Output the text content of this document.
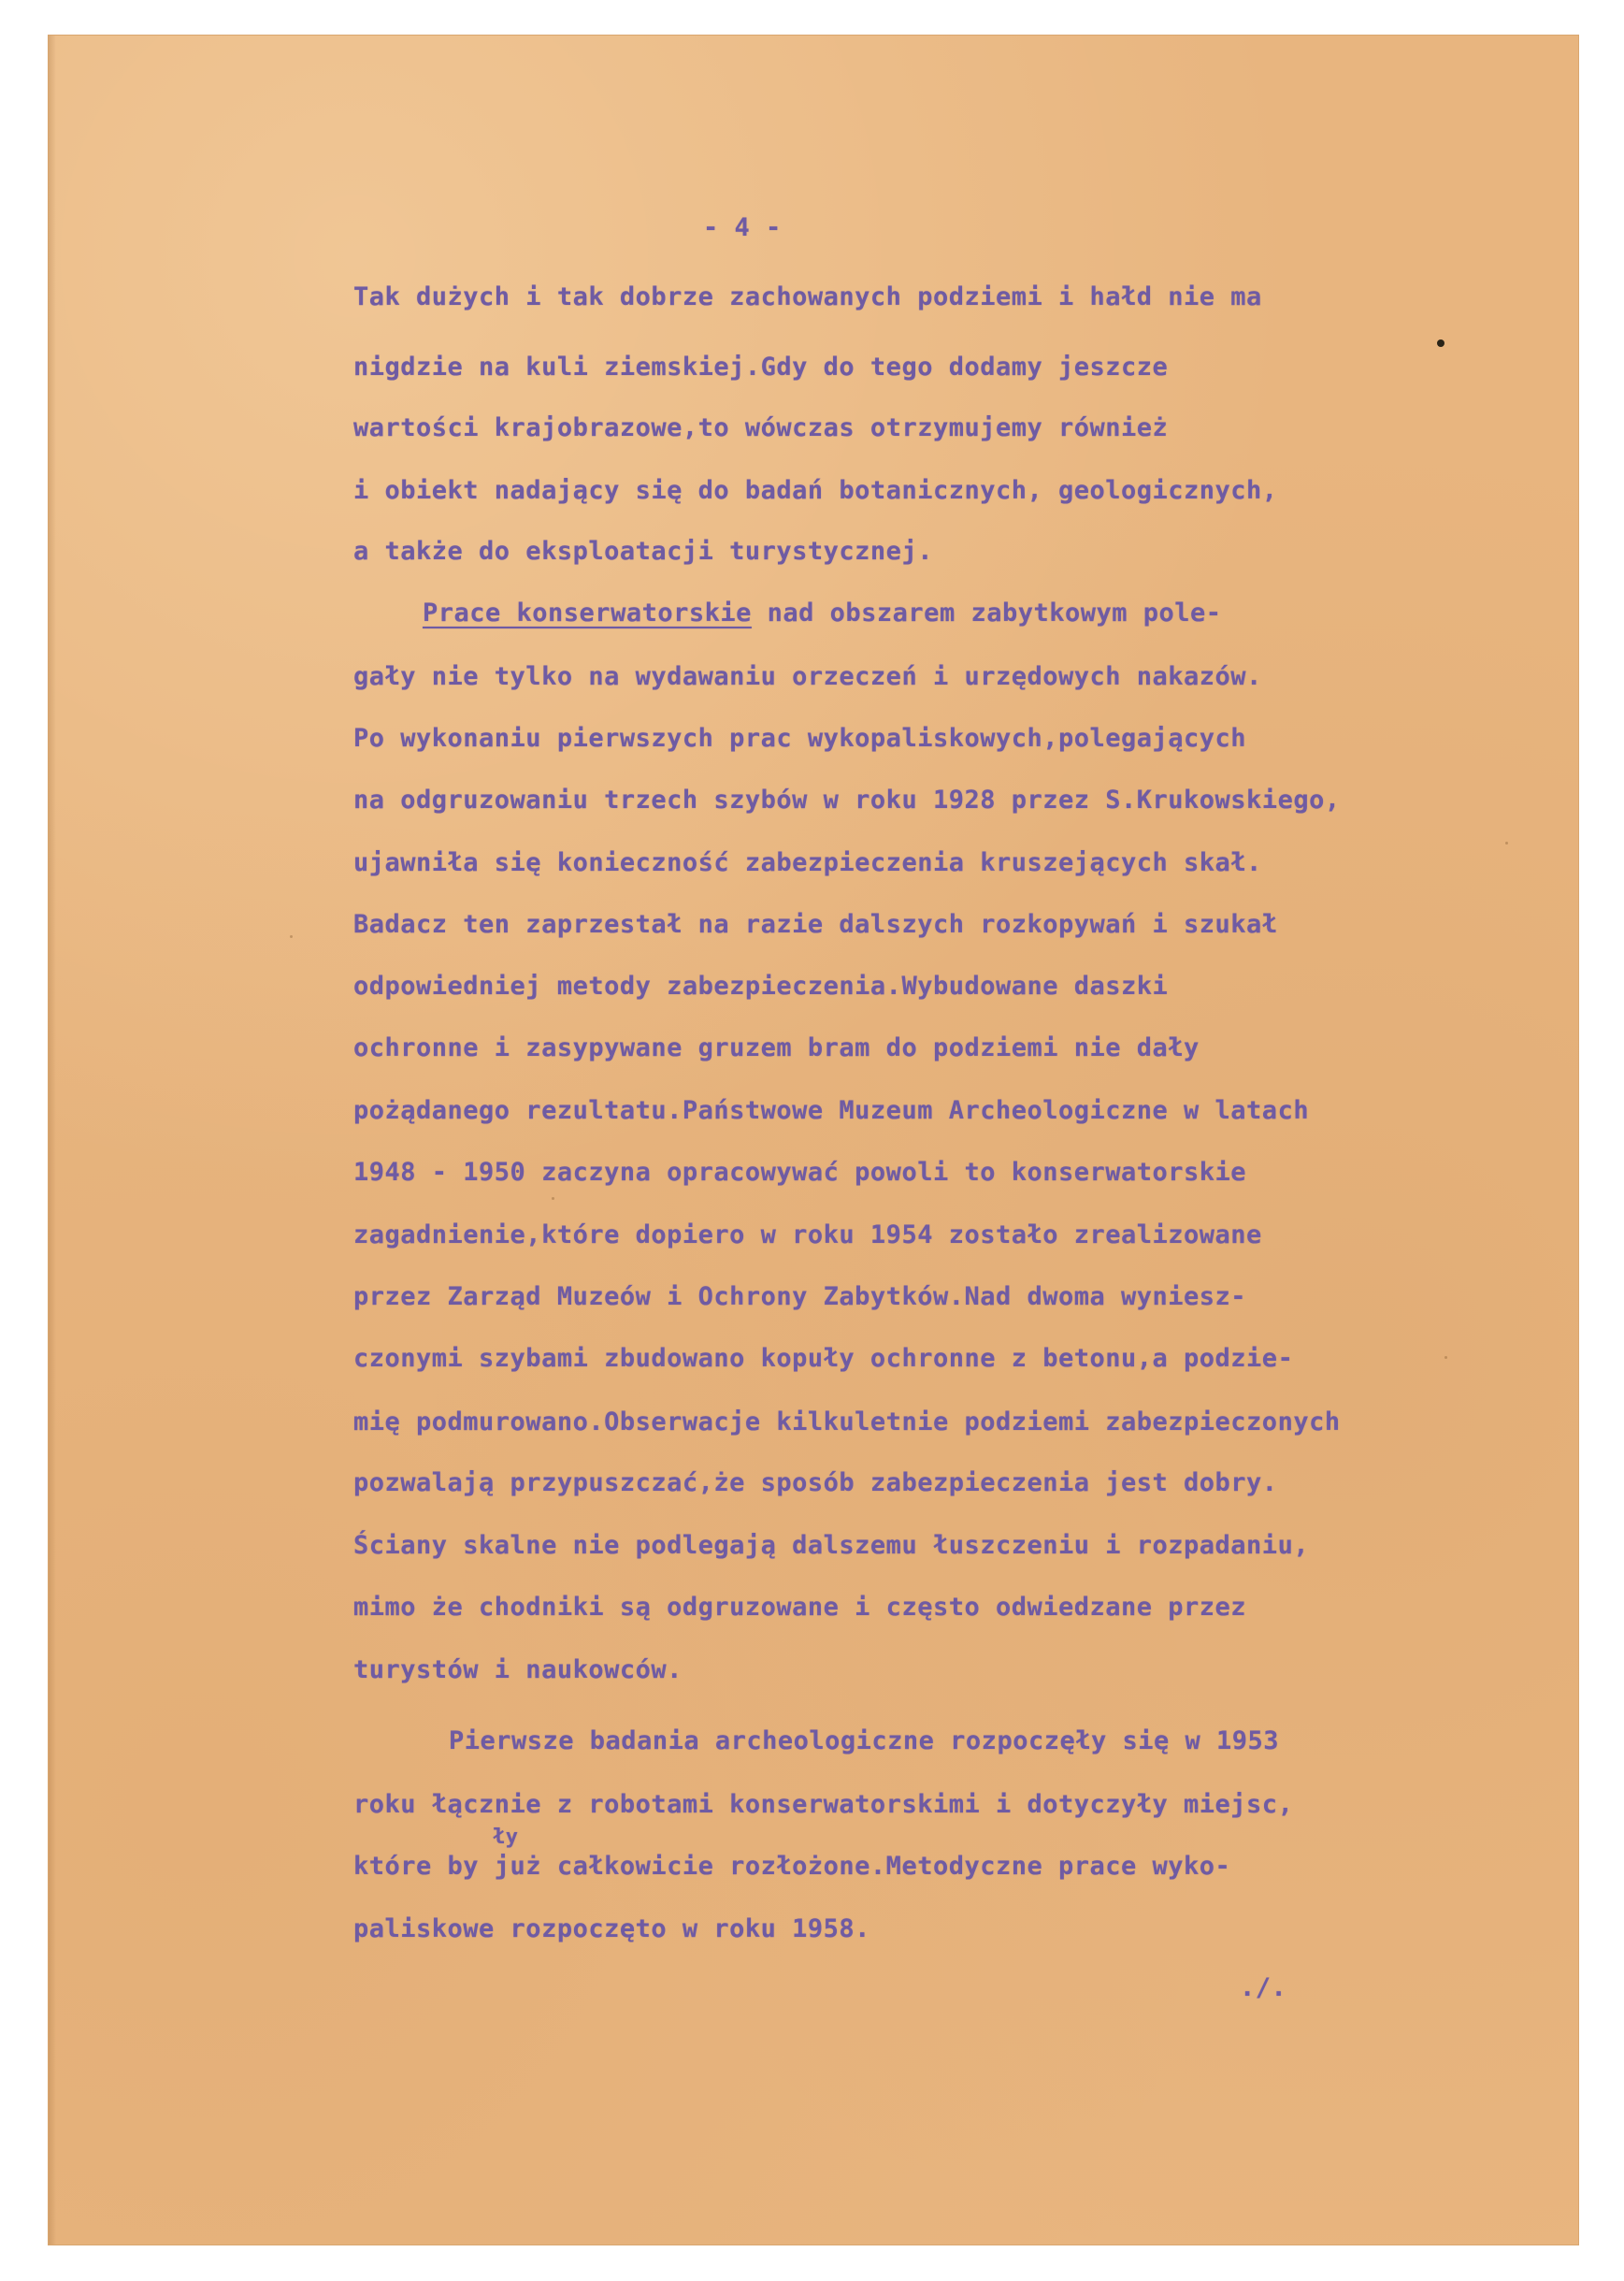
- 4 -
Tak dużych i tak dobrze zachowanych podziemi i hałd nie ma
nigdzie na kuli ziemskiej.Gdy do tego dodamy jeszcze
wartości krajobrazowe,to wówczas otrzymujemy również
i obiekt nadający się do badań botanicznych, geologicznych,
a także do eksploatacji turystycznej.
Prace konserwatorskie nad obszarem zabytkowym pole-
gały nie tylko na wydawaniu orzeczeń i urzędowych nakazów.
Po wykonaniu pierwszych prac wykopaliskowych,polegających
na odgruzowaniu trzech szybów w roku 1928 przez S.Krukowskiego,
ujawniła się konieczność zabezpieczenia kruszejących skał.
Badacz ten zaprzestał na razie dalszych rozkopywań i szukał
odpowiedniej metody zabezpieczenia.Wybudowane daszki
ochronne i zasypywane gruzem bram do podziemi nie dały
pożądanego rezultatu.Państwowe Muzeum Archeologiczne w latach
1948 - 1950 zaczyna opracowywać powoli to konserwatorskie
zagadnienie,które dopiero w roku 1954 zostało zrealizowane
przez Zarząd Muzeów i Ochrony Zabytków.Nad dwoma wyniesz-
czonymi szybami zbudowano kopuły ochronne z betonu,a podzie-
mię podmurowano.Obserwacje kilkuletnie podziemi zabezpieczonych
pozwalają przypuszczać,że sposób zabezpieczenia jest dobry.
Ściany skalne nie podlegają dalszemu łuszczeniu i rozpadaniu,
mimo że chodniki są odgruzowane i często odwiedzane przez
turystów i naukowców.
Pierwsze badania archeologiczne rozpoczęły się w 1953
roku łącznie z robotami konserwatorskimi i dotyczyły miejsc,
ły
które by już całkowicie rozłożone.Metodyczne prace wyko-
paliskowe rozpoczęto w roku 1958.
./.
